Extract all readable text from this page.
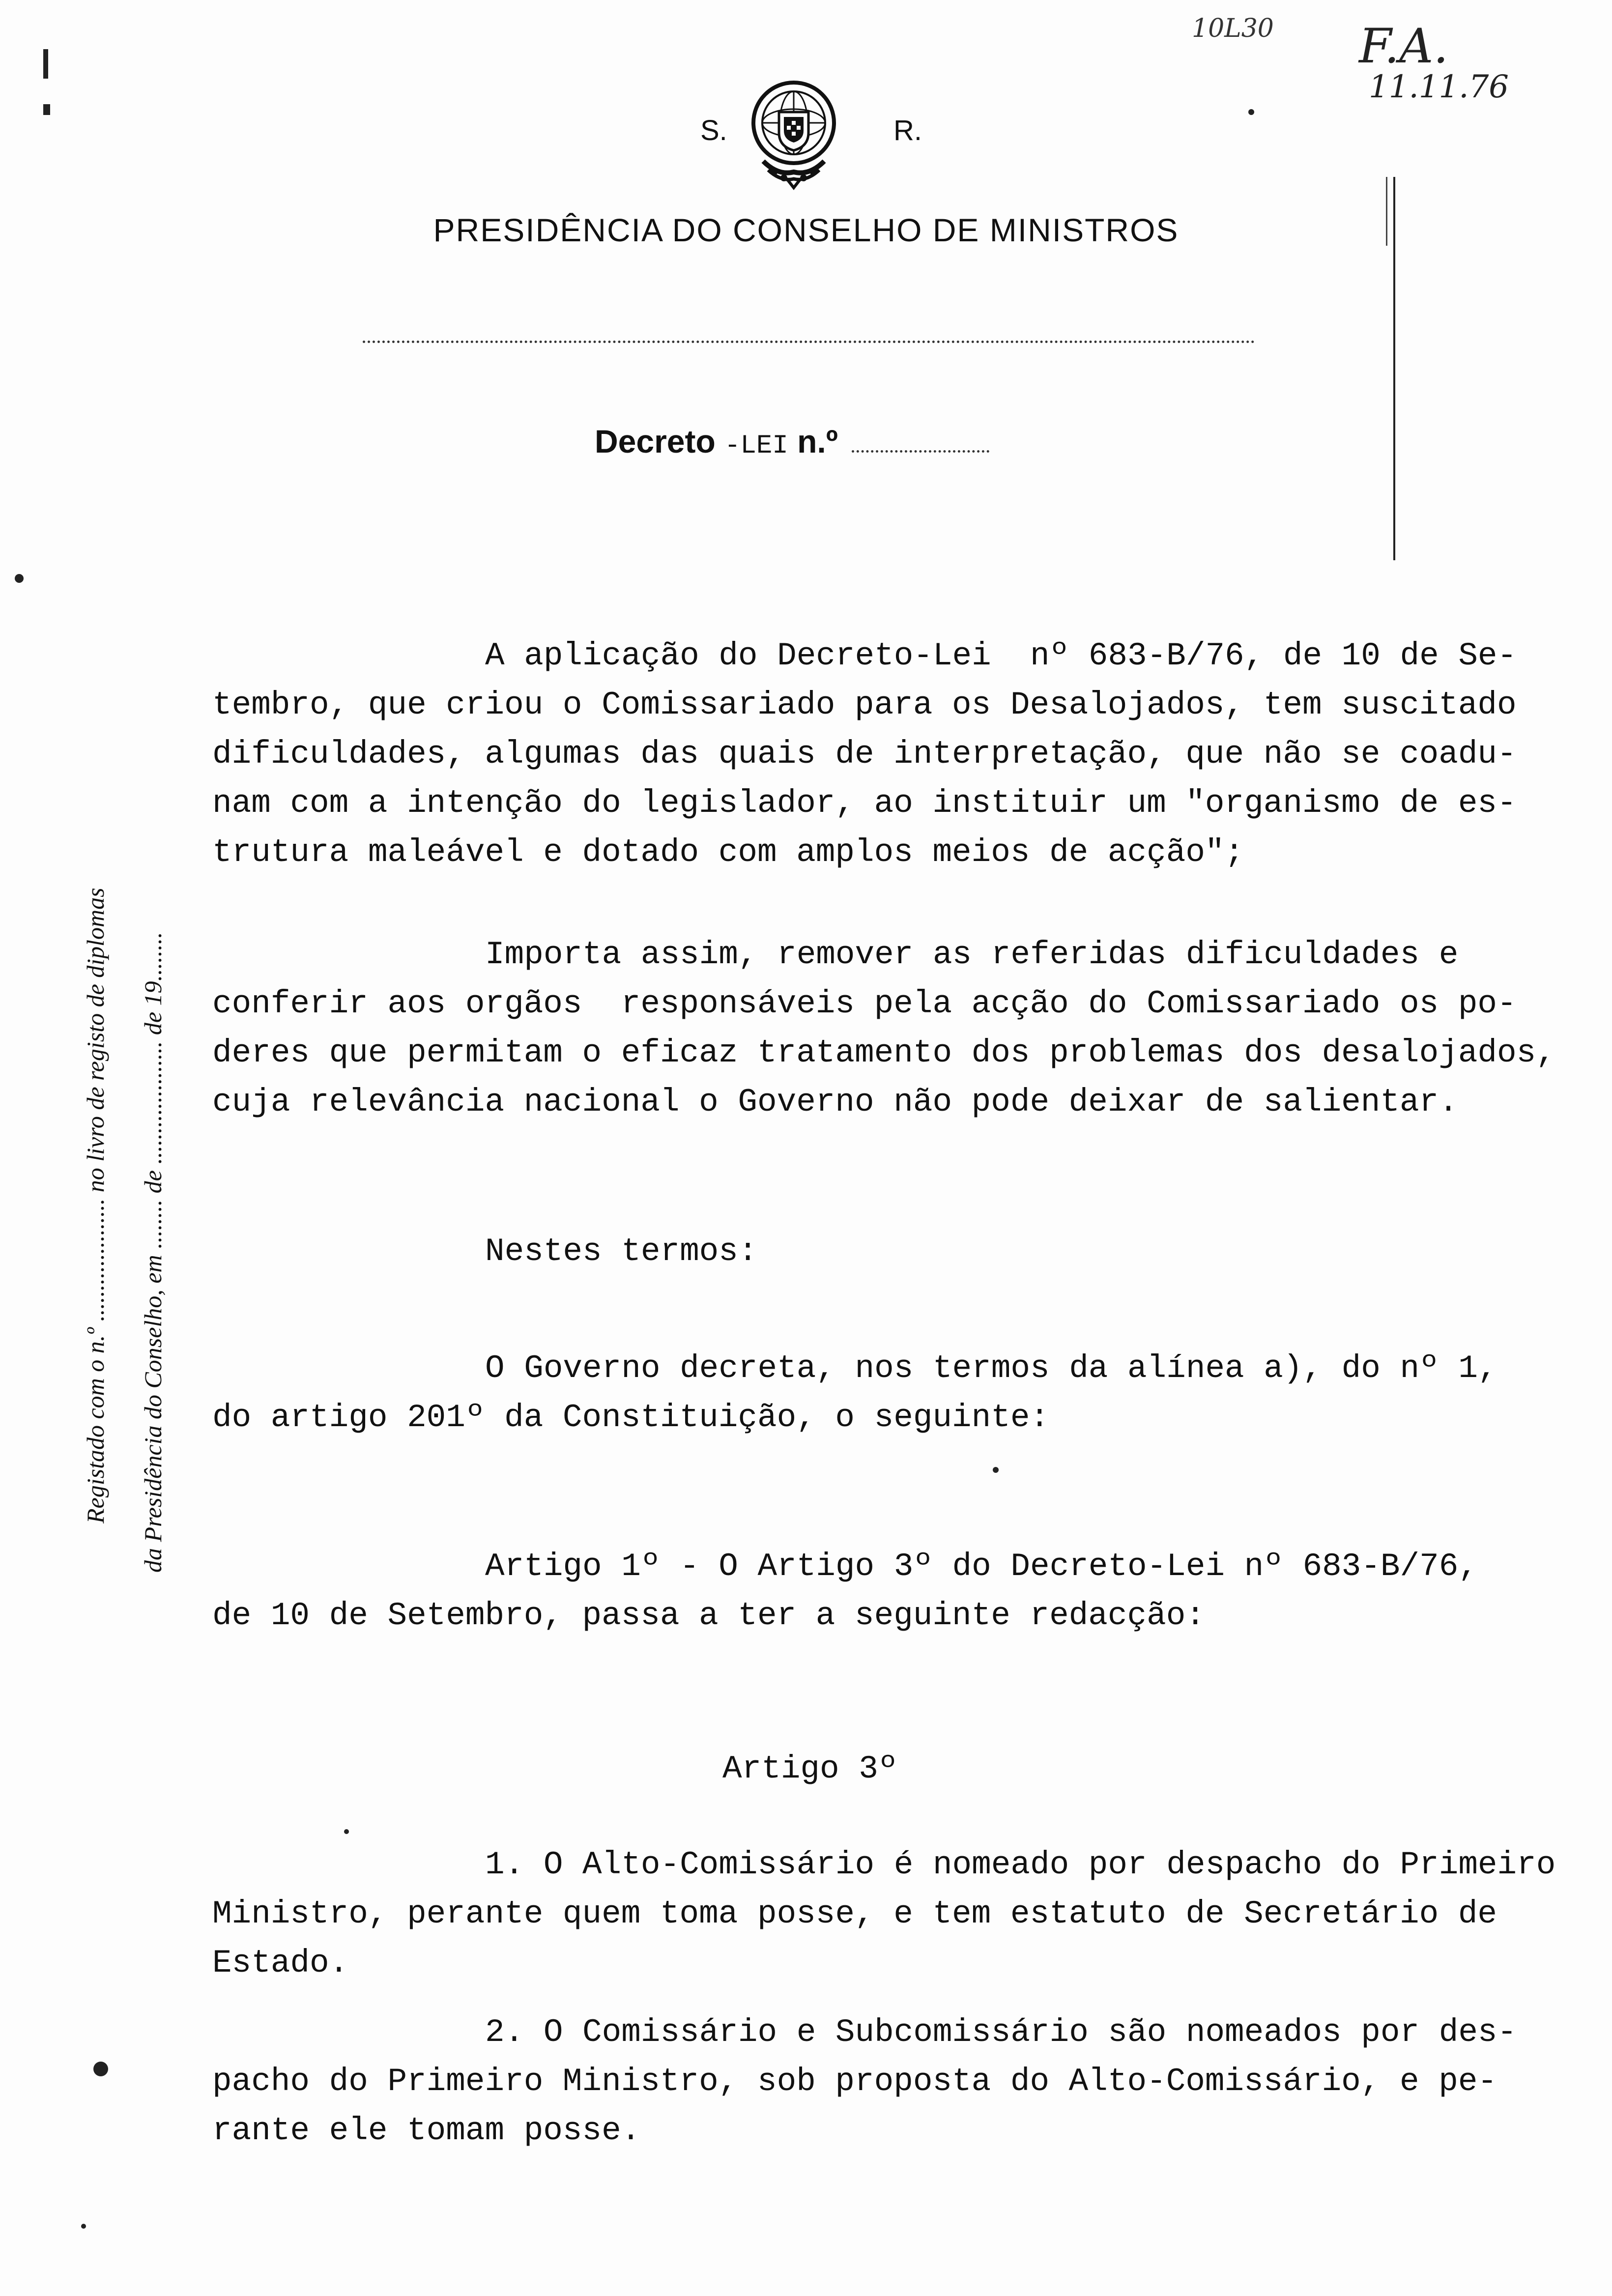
S.	R.
PRESIDÊNCIA DO CONSELHO DE MINISTROS
Decreto -LEI n.º
10L30 F.A.
11.11.76
Registado com o n.º .................... no livro de registo de diplomas da Presidência do Conselho, em ........ de .................... de 19........
A aplicação do Decreto-Lei  nº 683-B/76, de 10 de Se-
tembro, que criou o Comissariado para os Desalojados, tem suscitado
dificuldades, algumas das quais de interpretação, que não se coadu-
nam com a intenção do legislador, ao instituir um "organismo de es-
trutura maleável e dotado com amplos meios de acção";
Importa assim, remover as referidas dificuldades e
conferir aos orgãos  responsáveis pela acção do Comissariado os po-
deres que permitam o eficaz tratamento dos problemas dos desalojados,
cuja relevância nacional o Governo não pode deixar de salientar.
Nestes termos:
O Governo decreta, nos termos da alínea a), do nº 1,
do artigo 201º da Constituição, o seguinte:
Artigo 1º - O Artigo 3º do Decreto-Lei nº 683-B/76,
de 10 de Setembro, passa a ter a seguinte redacção:
Artigo 3º
1. O Alto-Comissário é nomeado por despacho do Primeiro
Ministro, perante quem toma posse, e tem estatuto de Secretário de
Estado.
2. O Comissário e Subcomissário são nomeados por des-
pacho do Primeiro Ministro, sob proposta do Alto-Comissário, e pe-
rante ele tomam posse.
